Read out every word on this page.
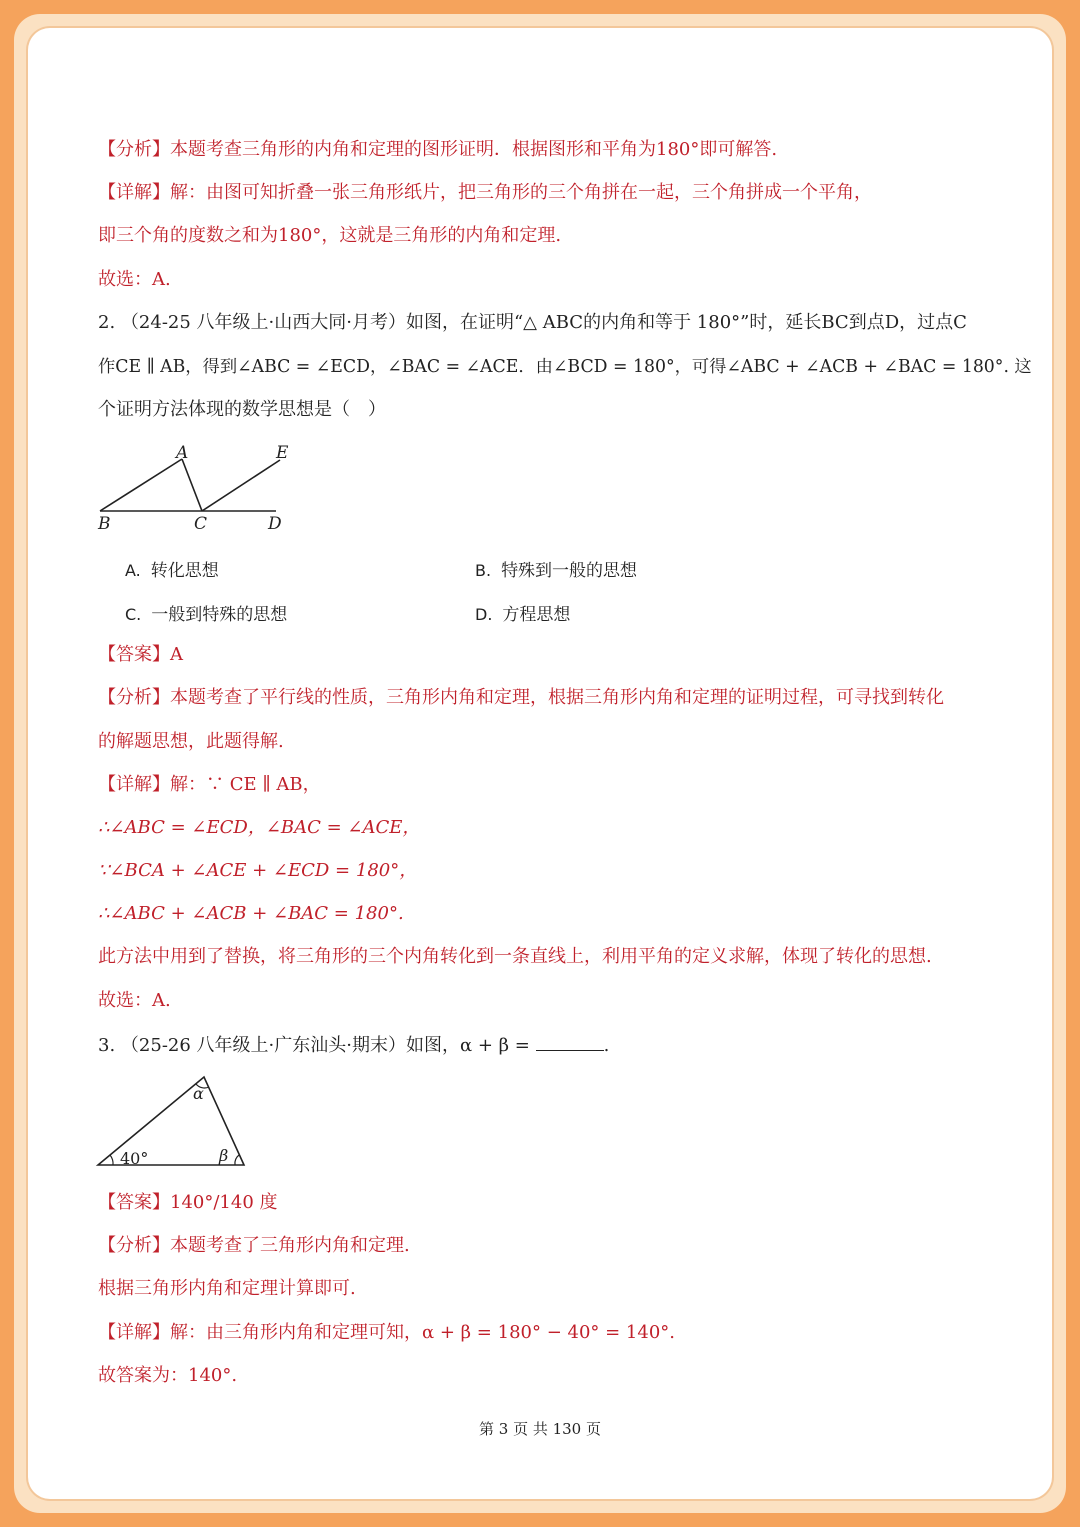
【分析】本题考查三角形的内角和定理的图形证明．根据图形和平角为180°即可解答.
【详解】解：由图可知折叠一张三角形纸片，把三角形的三个角拼在一起，三个角拼成一个平角，
即三个角的度数之和为180°，这就是三角形的内角和定理.
故选：A.
2. （24-25 八年级上·山西大同·月考）如图，在证明“△ ABC的内角和等于 180°”时，延长BC到点D，过点C
作CE ∥ AB，得到∠ABC = ∠ECD，∠BAC = ∠ACE．由∠BCD = 180°，可得∠ABC + ∠ACB + ∠BAC = 180°. 这
个证明方法体现的数学思想是（　）
A	E
B	C	D
A. 转化思想	B. 特殊到一般的思想
C. 一般到特殊的思想	D. 方程思想
【答案】A
【分析】本题考查了平行线的性质，三角形内角和定理，根据三角形内角和定理的证明过程，可寻找到转化
的解题思想，此题得解.
【详解】解：∵ CE ∥ AB，
∴∠ABC = ∠ECD，∠BAC = ∠ACE，
∵∠BCA + ∠ACE + ∠ECD = 180°，
∴∠ABC + ∠ACB + ∠BAC = 180°.
此方法中用到了替换，将三角形的三个内角转化到一条直线上，利用平角的定义求解，体现了转化的思想.
故选：A.
3. （25-26 八年级上·广东汕头·期末）如图，α + β =	.
40°
α
β
【答案】140°/140 度
【分析】本题考查了三角形内角和定理.
根据三角形内角和定理计算即可.
【详解】解：由三角形内角和定理可知，α + β = 180° − 40° = 140°.
故答案为：140°.
第 3 页 共 130 页
